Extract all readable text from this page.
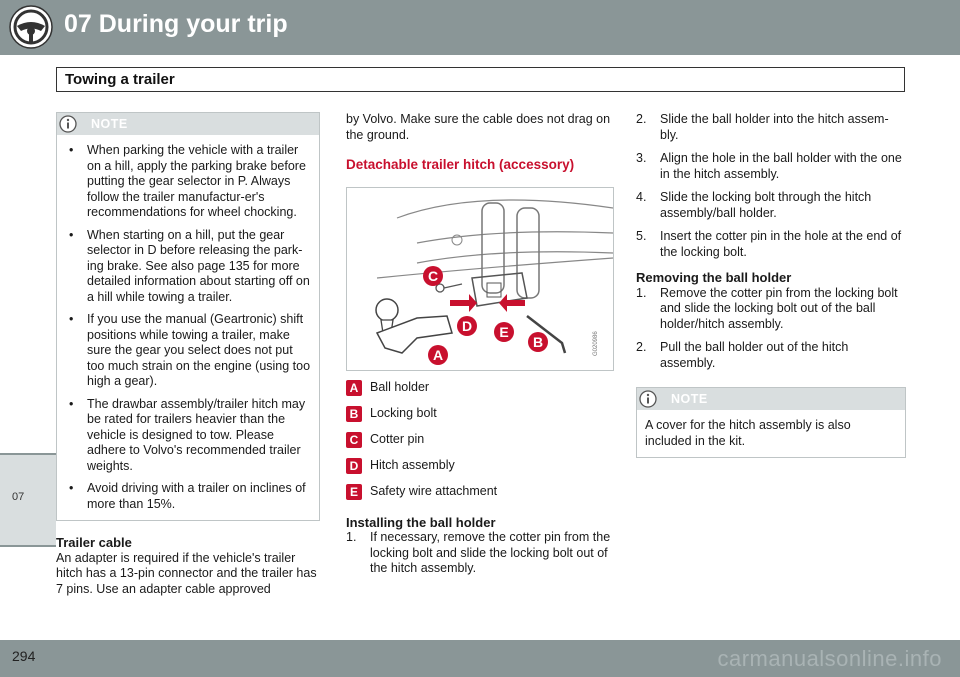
07 During your trip
07
Towing a trailer
NOTE
• When parking the vehicle with a trailer on a hill, apply the parking brake before putting the gear selector in P. Always follow the trailer manufactur-er's recommendations for wheel chocking.
• When starting on a hill, put the gear selector in D before releasing the park-ing brake. See also page 135 for more detailed information about starting off on a hill while towing a trailer.
• If you use the manual (Geartronic) shift positions while towing a trailer, make sure the gear you select does not put too much strain on the engine (using too high a gear).
• The drawbar assembly/trailer hitch may be rated for trailers heavier than the vehicle is designed to tow. Please adhere to Volvo's recommended trailer weights.
• Avoid driving with a trailer on inclines of more than 15%.
Trailer cable
An adapter is required if the vehicle's trailer hitch has a 13-pin connector and the trailer has 7 pins. Use an adapter cable approved
by Volvo. Make sure the cable does not drag on the ground.
Detachable trailer hitch (accessory)
C
D E
B
A	G020986
A Ball holder
B Locking bolt
C Cotter pin
D Hitch assembly
E Safety wire attachment
Installing the ball holder
1. If necessary, remove the cotter pin from the locking bolt and slide the locking bolt out of the hitch assembly.
2. Slide the ball holder into the hitch assem-bly.
3. Align the hole in the ball holder with the one in the hitch assembly.
4. Slide the locking bolt through the hitch assembly/ball holder.
5. Insert the cotter pin in the hole at the end of the locking bolt.
Removing the ball holder
1. Remove the cotter pin from the locking bolt and slide the locking bolt out of the ball holder/hitch assembly.
2. Pull the ball holder out of the hitch assembly.
NOTE
A cover for the hitch assembly is also included in the kit.
294	carmanualsonline.info
